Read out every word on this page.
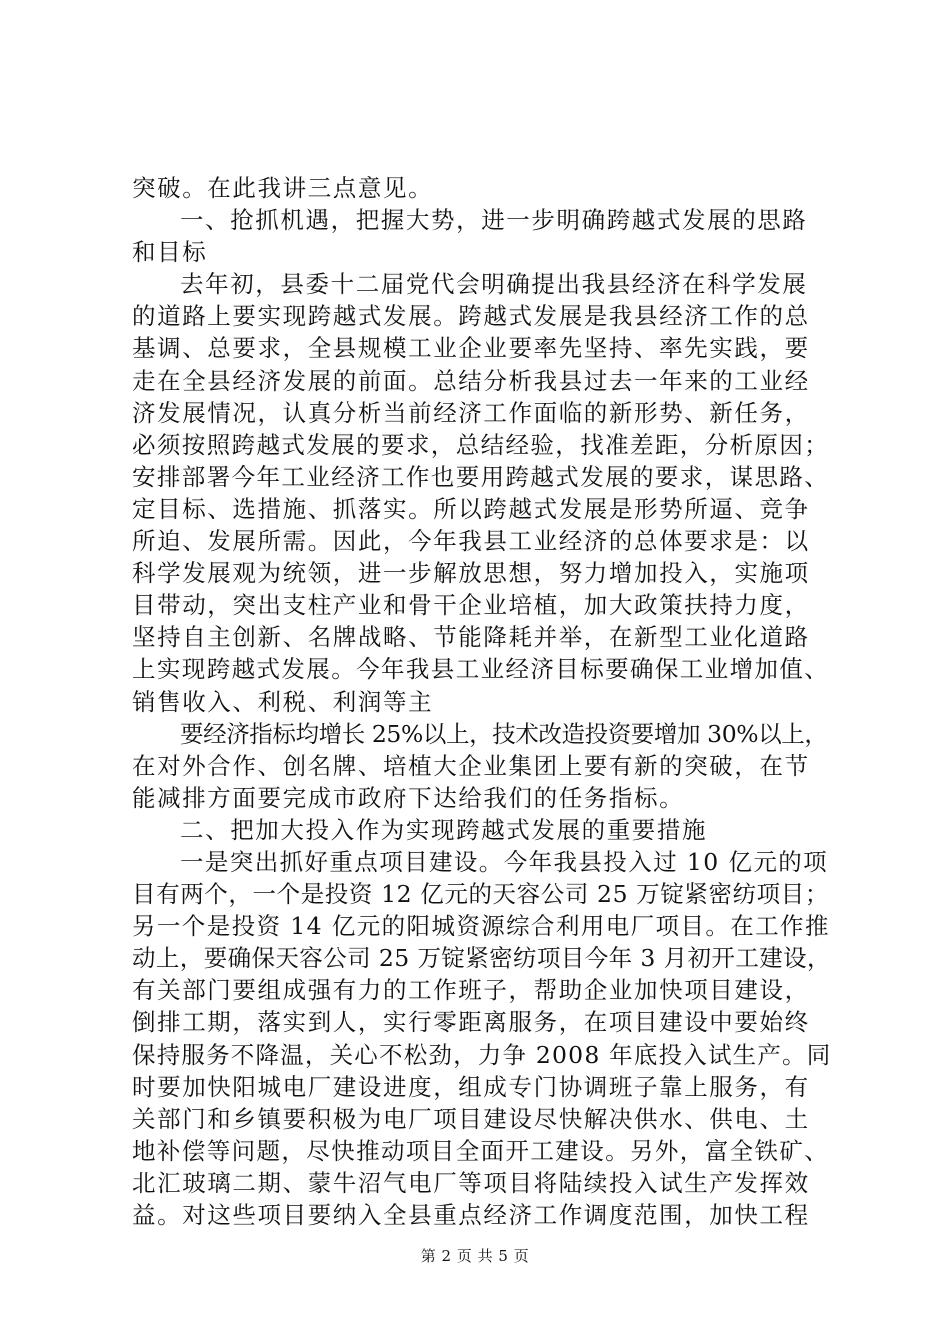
突破。在此我讲三点意见。
一、抢抓机遇，把握大势，进一步明确跨越式发展的思路
和目标
去年初，县委十二届党代会明确提出我县经济在科学发展
的道路上要实现跨越式发展。跨越式发展是我县经济工作的总
基调、总要求，全县规模工业企业要率先坚持、率先实践，要
走在全县经济发展的前面。总结分析我县过去一年来的工业经
济发展情况，认真分析当前经济工作面临的新形势、新任务，
必须按照跨越式发展的要求，总结经验，找准差距，分析原因；
安排部署今年工业经济工作也要用跨越式发展的要求，谋思路、
定目标、选措施、抓落实。所以跨越式发展是形势所逼、竞争
所迫、发展所需。因此，今年我县工业经济的总体要求是：以
科学发展观为统领，进一步解放思想，努力增加投入，实施项
目带动，突出支柱产业和骨干企业培植，加大政策扶持力度，
坚持自主创新、名牌战略、节能降耗并举，在新型工业化道路
上实现跨越式发展。今年我县工业经济目标要确保工业增加值、
销售收入、利税、利润等主
要经济指标均增长 25%以上，技术改造投资要增加 30%以上，
在对外合作、创名牌、培植大企业集团上要有新的突破，在节
能减排方面要完成市政府下达给我们的任务指标。
二、把加大投入作为实现跨越式发展的重要措施
一是突出抓好重点项目建设。今年我县投入过 10 亿元的项
目有两个，一个是投资 12 亿元的天容公司 25 万锭紧密纺项目；
另一个是投资 14 亿元的阳城资源综合利用电厂项目。在工作推
动上，要确保天容公司 25 万锭紧密纺项目今年 3 月初开工建设，
有关部门要组成强有力的工作班子，帮助企业加快项目建设，
倒排工期，落实到人，实行零距离服务，在项目建设中要始终
保持服务不降温，关心不松劲，力争 2008 年底投入试生产。同
时要加快阳城电厂建设进度，组成专门协调班子靠上服务，有
关部门和乡镇要积极为电厂项目建设尽快解决供水、供电、土
地补偿等问题，尽快推动项目全面开工建设。另外，富全铁矿、
北汇玻璃二期、蒙牛沼气电厂等项目将陆续投入试生产发挥效
益。对这些项目要纳入全县重点经济工作调度范围，加快工程
第 2 页 共 5 页
